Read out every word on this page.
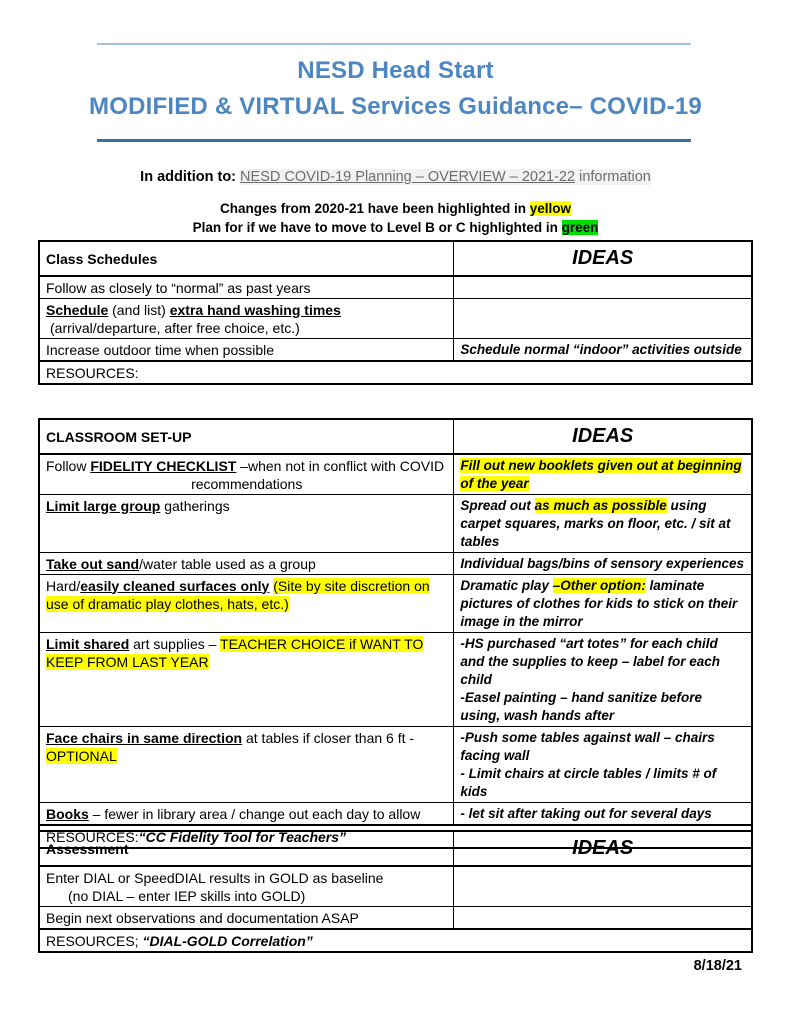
NESD Head Start
MODIFIED & VIRTUAL Services Guidance– COVID-19

In addition to: NESD COVID-19 Planning – OVERVIEW – 2021-22 information

Changes from 2020-21 have been highlighted in yellow

Plan for if we have to move to Level B or C highlighted in green

Class Schedules	IDEAS

Follow as closely to “normal” as past years	

Schedule (and list) extra hand washing times
(arrival/departure, after free choice, etc.)	

Increase outdoor time when possible	Schedule normal “indoor” activities outside

RESOURCES:	
CLASSROOM SET-UP	IDEAS

Follow FIDELITY CHECKLIST –when not in conflict with COVID
recommendations	Fill out new booklets given out at beginning of the year

Limit large group gatherings	Spread out as much as possible using carpet squares, marks on floor, etc. / sit at tables

Take out sand/water table used as a group	Individual bags/bins of sensory experiences

Hard/easily cleaned surfaces only (Site by site discretion on use of dramatic play clothes, hats, etc.)	Dramatic play –Other option: laminate pictures of clothes for kids to stick on their image in the mirror

Limit shared art supplies – TEACHER CHOICE if WANT TO KEEP FROM LAST YEAR	-HS purchased “art totes” for each child and the supplies to keep – label for each child
-Easel painting – hand sanitize before using, wash hands after

Face chairs in same direction at tables if closer than 6 ft - OPTIONAL	-Push some tables against wall – chairs facing wall
- Limit chairs at circle tables / limits # of kids

Books – fewer in library area / change out each day to allow	- let sit after taking out for several days

RESOURCES:“CC Fidelity Tool for Teachers”	
Assessment	IDEAS

Enter DIAL or SpeedDIAL results in GOLD as baseline
(no DIAL – enter IEP skills into GOLD)	

Begin next observations and documentation ASAP	

RESOURCES; “DIAL-GOLD Correlation”	
8/18/21
